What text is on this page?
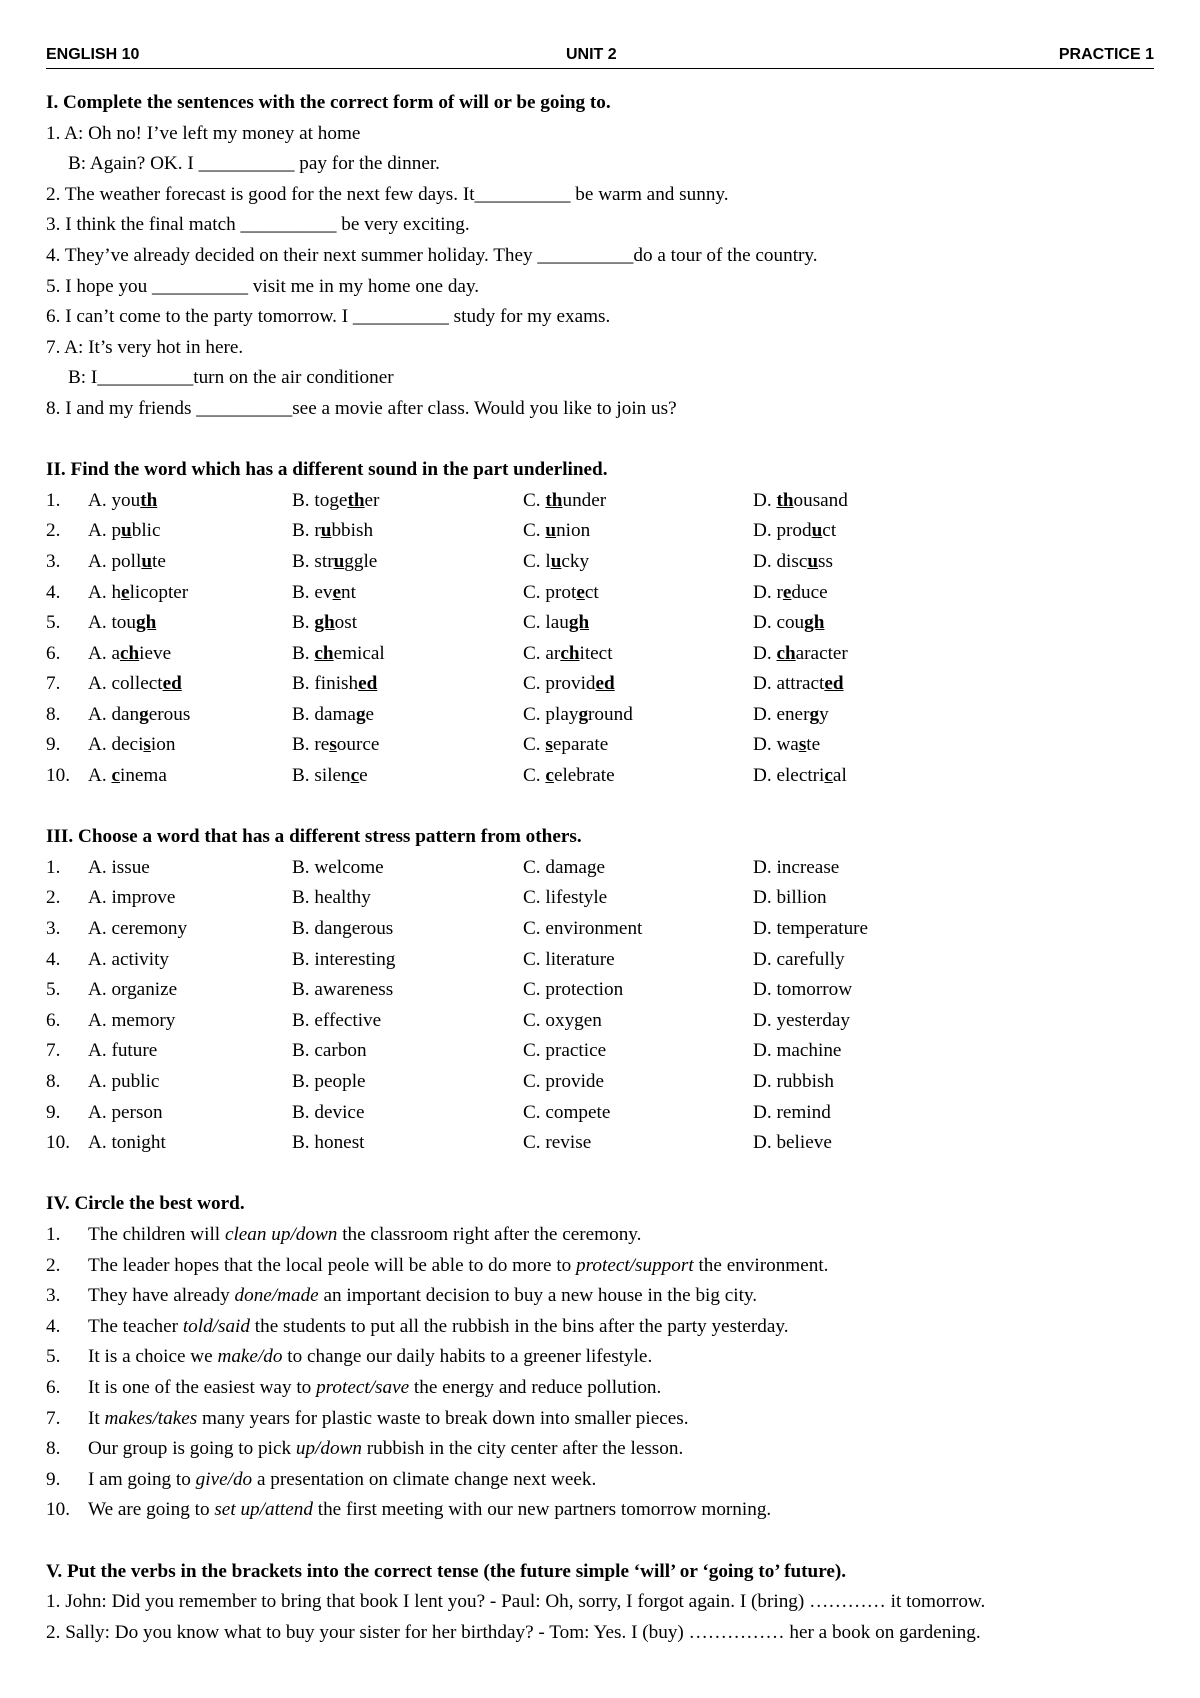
ENGLISH 10	UNIT 2	PRACTICE 1
I. Complete the sentences with the correct form of will or be going to.
1. A: Oh no! I’ve left my money at home
B: Again? OK. I __________ pay for the dinner.
2. The weather forecast is good for the next few days. It__________ be warm and sunny.
3. I think the final match __________ be very exciting.
4. They’ve already decided on their next summer holiday. They __________do a tour of the country.
5. I hope you __________ visit me in my home one day.
6. I can’t come to the party tomorrow. I __________ study for my exams.
7. A: It’s very hot in here.
B: I__________turn on the air conditioner
8. I and my friends __________see a movie after class. Would you like to join us?
II. Find the word which has a different sound in the part underlined.
1. A. youth	B. together	C. thunder	D. thousand
2. A. public	B. rubbish	C. union	D. product
3. A. pollute	B. struggle	C. lucky	D. discuss
4. A. helicopter	B. event	C. protect	D. reduce
5. A. tough	B. ghost	C. laugh	D. cough
6. A. achieve	B. chemical	C. architect	D. character
7. A. collected	B. finished	C. provided	D. attracted
8. A. dangerous	B. damage	C. playground	D. energy
9. A. decision	B. resource	C. separate	D. waste
10. A. cinema	B. silence	C. celebrate	D. electrical
III. Choose a word that has a different stress pattern from others.
1. A. issue	B. welcome	C. damage	D. increase
2. A. improve	B. healthy	C. lifestyle	D. billion
3. A. ceremony	B. dangerous	C. environment	D. temperature
4. A. activity	B. interesting	C. literature	D. carefully
5. A. organize	B. awareness	C. protection	D. tomorrow
6. A. memory	B. effective	C. oxygen	D. yesterday
7. A. future	B. carbon	C. practice	D. machine
8. A. public	B. people	C. provide	D. rubbish
9. A. person	B. device	C. compete	D. remind
10. A. tonight	B. honest	C. revise	D. believe
IV. Circle the best word.
1. The children will clean up/down the classroom right after the ceremony.
2. The leader hopes that the local peole will be able to do more to protect/support the environment.
3. They have already done/made an important decision to buy a new house in the big city.
4. The teacher told/said the students to put all the rubbish in the bins after the party yesterday.
5. It is a choice we make/do to change our daily habits to a greener lifestyle.
6. It is one of the easiest way to protect/save the energy and reduce pollution.
7. It makes/takes many years for plastic waste to break down into smaller pieces.
8. Our group is going to pick up/down rubbish in the city center after the lesson.
9. I am going to give/do a presentation on climate change next week.
10. We are going to set up/attend the first meeting with our new partners tomorrow morning.
V. Put the verbs in the brackets into the correct tense (the future simple ‘will’ or ‘going to’ future).
1. John: Did you remember to bring that book I lent you? - Paul: Oh, sorry, I forgot again. I (bring) ………… it tomorrow.
2. Sally: Do you know what to buy your sister for her birthday? - Tom: Yes. I (buy) …………… her a book on gardening.
